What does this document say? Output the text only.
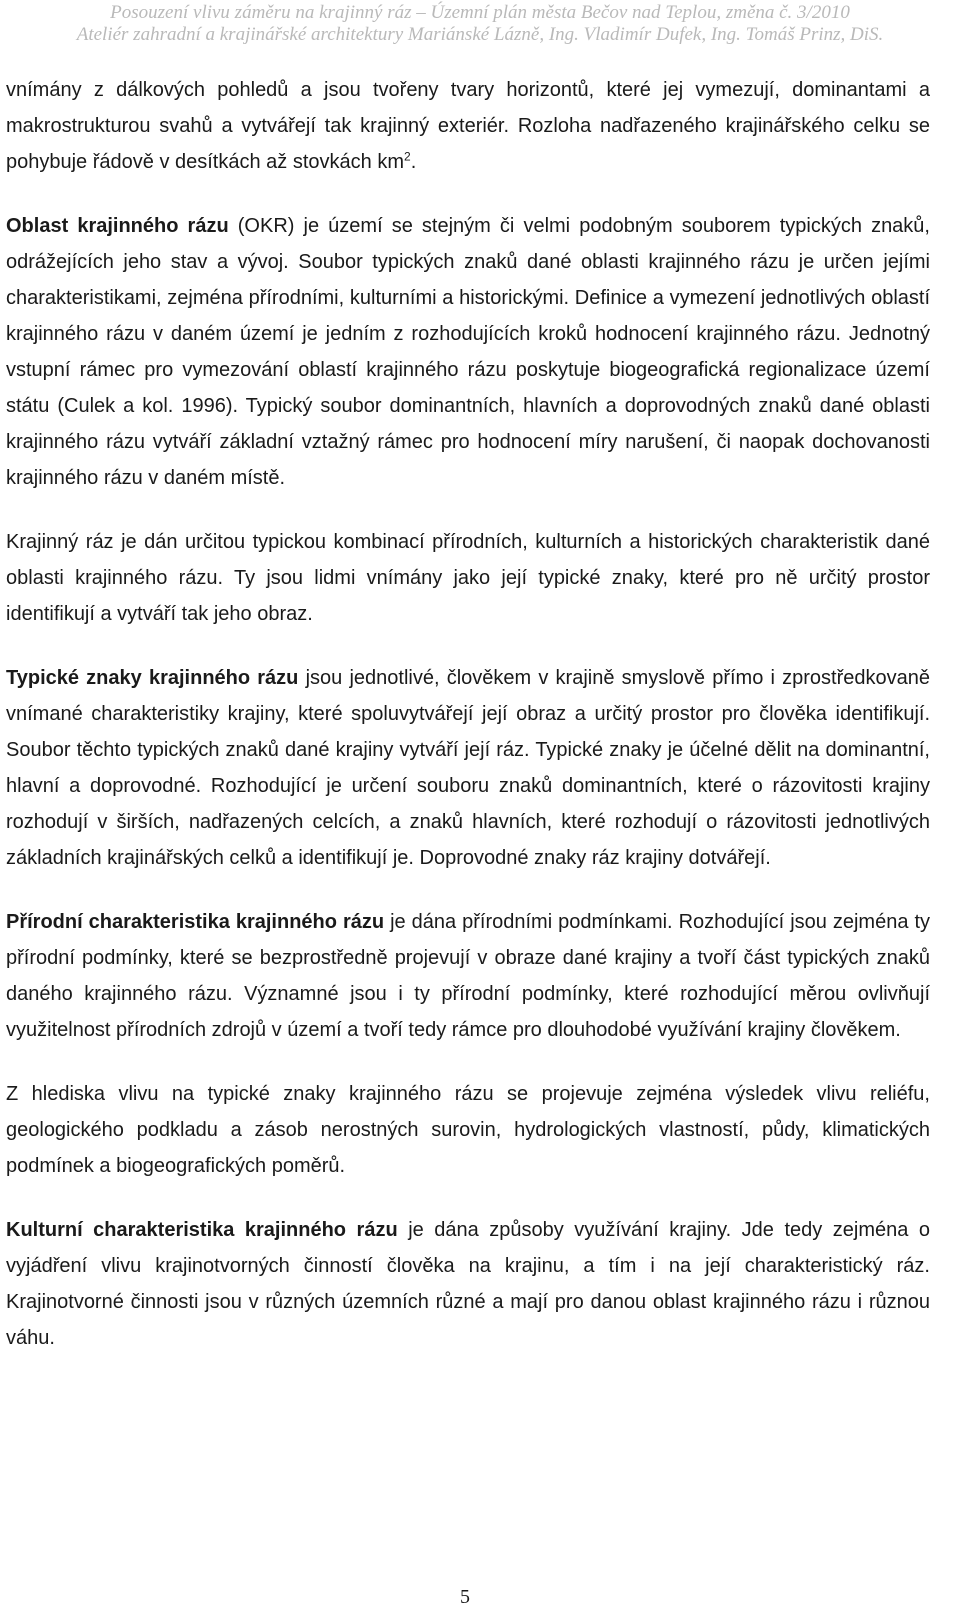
Posouzení vlivu záměru na krajinný ráz – Územní plán města Bečov nad Teplou, změna č. 3/2010
Ateliér zahradní a krajinářské architektury Mariánské Lázně, Ing. Vladimír Dufek, Ing. Tomáš Prinz, DiS.

vnímány z dálkových pohledů a jsou tvořeny tvary horizontů, které jej vymezují, dominantami a makrostrukturou svahů a vytvářejí tak krajinný exteriér. Rozloha nadřazeného krajinářského celku se pohybuje řádově v desítkách až stovkách $km^2$.

Oblast krajinného rázu (OKR) je území se stejným či velmi podobným souborem typických znaků, odrážejících jeho stav a vývoj. Soubor typických znaků dané oblasti krajinného rázu je určen jejími charakteristikami, zejména přírodními, kulturními a historickými. Definice a vymezení jednotlivých oblastí krajinného rázu v daném území je jedním z rozhodujících kroků hodnocení krajinného rázu. Jednotný vstupní rámec pro vymezování oblastí krajinného rázu poskytuje biogeografická regionalizace území státu (Culek a kol. 1996). Typický soubor dominantních, hlavních a doprovodných znaků dané oblasti krajinného rázu vytváří základní vztažný rámec pro hodnocení míry narušení, či naopak dochovanosti krajinného rázu v daném místě.

Krajinný ráz je dán určitou typickou kombinací přírodních, kulturních a historických charakteristik dané oblasti krajinného rázu. Ty jsou lidmi vnímány jako její typické znaky, které pro ně určitý prostor identifikují a vytváří tak jeho obraz.

Typické znaky krajinného rázu jsou jednotlivé, člověkem v krajině smyslově přímo i zprostředkovaně vnímané charakteristiky krajiny, které spoluvytvářejí její obraz a určitý prostor pro člověka identifikují. Soubor těchto typických znaků dané krajiny vytváří její ráz. Typické znaky je účelné dělit na dominantní, hlavní a doprovodné. Rozhodující je určení souboru znaků dominantních, které o rázovitosti krajiny rozhodují v širších, nadřazených celcích, a znaků hlavních, které rozhodují o rázovitosti jednotlivých základních krajinářských celků a identifikují je. Doprovodné znaky ráz krajiny dotvářejí.

Přírodní charakteristika krajinného rázu je dána přírodními podmínkami. Rozhodující jsou zejména ty přírodní podmínky, které se bezprostředně projevují v obraze dané krajiny a tvoří část typických znaků daného krajinného rázu. Významné jsou i ty přírodní podmínky, které rozhodující měrou ovlivňují využitelnost přírodních zdrojů v území a tvoří tedy rámce pro dlouhodobé využívání krajiny člověkem.

Z hlediska vlivu na typické znaky krajinného rázu se projevuje zejména výsledek vlivu reliéfu, geologického podkladu a zásob nerostných surovin, hydrologických vlastností, půdy, klimatických podmínek a biogeografických poměrů.

Kulturní charakteristika krajinného rázu je dána způsoby využívání krajiny. Jde tedy zejména o vyjádření vlivu krajinotvorných činností člověka na krajinu, a tím i na její charakteristický ráz. Krajinotvorné činnosti jsou v různých územních různé a mají pro danou oblast krajinného rázu i různou váhu.

5
